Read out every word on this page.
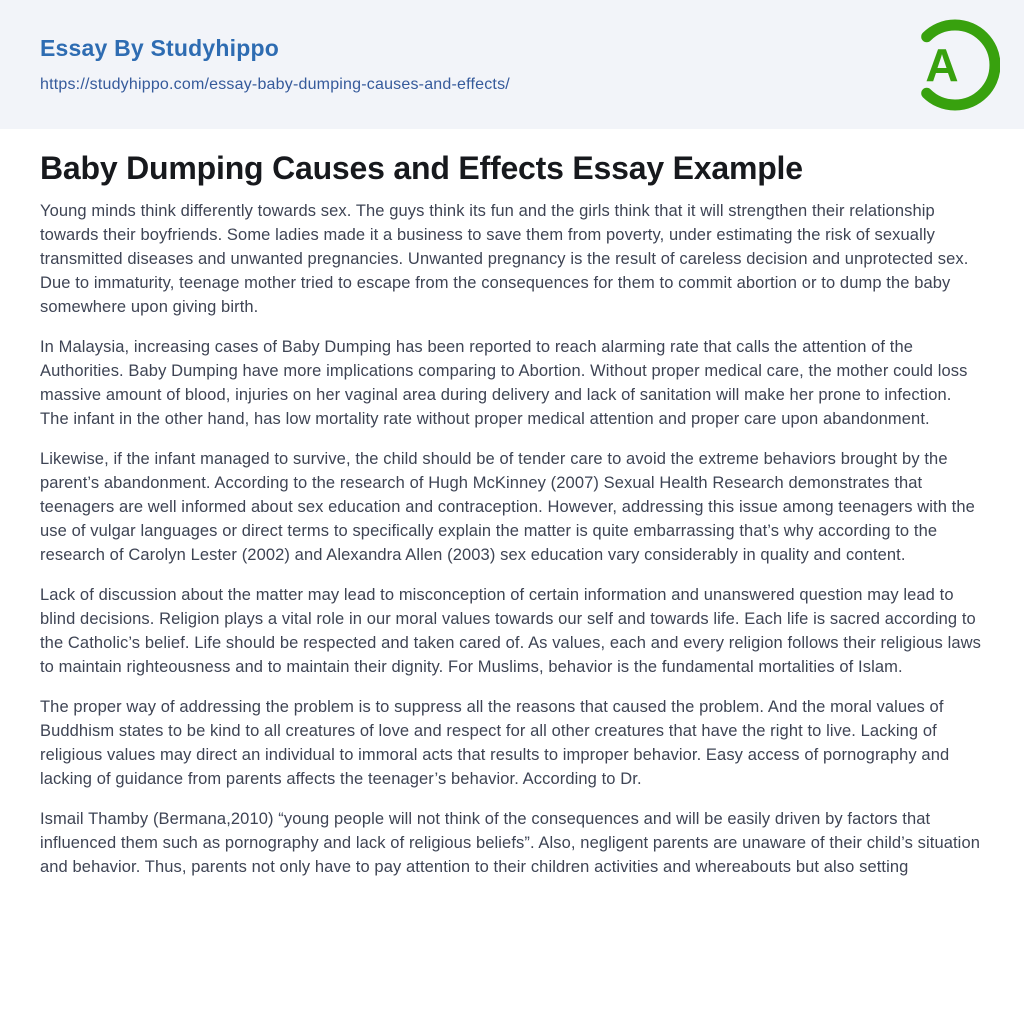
Essay By Studyhippo
https://studyhippo.com/essay-baby-dumping-causes-and-effects/	A
Baby Dumping Causes and Effects Essay Example

Young minds think differently towards sex. The guys think its fun and the girls think that it will strengthen their relationship towards their boyfriends. Some ladies made it a business to save them from poverty, under estimating the risk of sexually transmitted diseases and unwanted pregnancies. Unwanted pregnancy is the result of careless decision and unprotected sex. Due to immaturity, teenage mother tried to escape from the consequences for them to commit abortion or to dump the baby somewhere upon giving birth.

In Malaysia, increasing cases of Baby Dumping has been reported to reach alarming rate that calls the attention of the Authorities. Baby Dumping have more implications comparing to Abortion. Without proper medical care, the mother could loss massive amount of blood, injuries on her vaginal area during delivery and lack of sanitation will make her prone to infection. The infant in the other hand, has low mortality rate without proper medical attention and proper care upon abandonment.

Likewise, if the infant managed to survive, the child should be of tender care to avoid the extreme behaviors brought by the parent’s abandonment. According to the research of Hugh McKinney (2007) Sexual Health Research demonstrates that teenagers are well informed about sex education and contraception. However, addressing this issue among teenagers with the use of vulgar languages or direct terms to specifically explain the matter is quite embarrassing that’s why according to the research of Carolyn Lester (2002) and Alexandra Allen (2003) sex education vary considerably in quality and content.

Lack of discussion about the matter may lead to misconception of certain information and unanswered question may lead to blind decisions. Religion plays a vital role in our moral values towards our self and towards life. Each life is sacred according to the Catholic’s belief. Life should be respected and taken cared of. As values, each and every religion follows their religious laws to maintain righteousness and to maintain their dignity. For Muslims, behavior is the fundamental mortalities of Islam.

The proper way of addressing the problem is to suppress all the reasons that caused the problem. And the moral values of Buddhism states to be kind to all creatures of love and respect for all other creatures that have the right to live. Lacking of religious values may direct an individual to immoral acts that results to improper behavior. Easy access of pornography and lacking of guidance from parents affects the teenager’s behavior. According to Dr.

Ismail Thamby (Bermana,2010) “young people will not think of the consequences and will be easily driven by factors that influenced them such as pornography and lack of religious beliefs”. Also, negligent parents are unaware of their child’s situation and behavior. Thus, parents not only have to pay attention to their children activities and whereabouts but also setting
